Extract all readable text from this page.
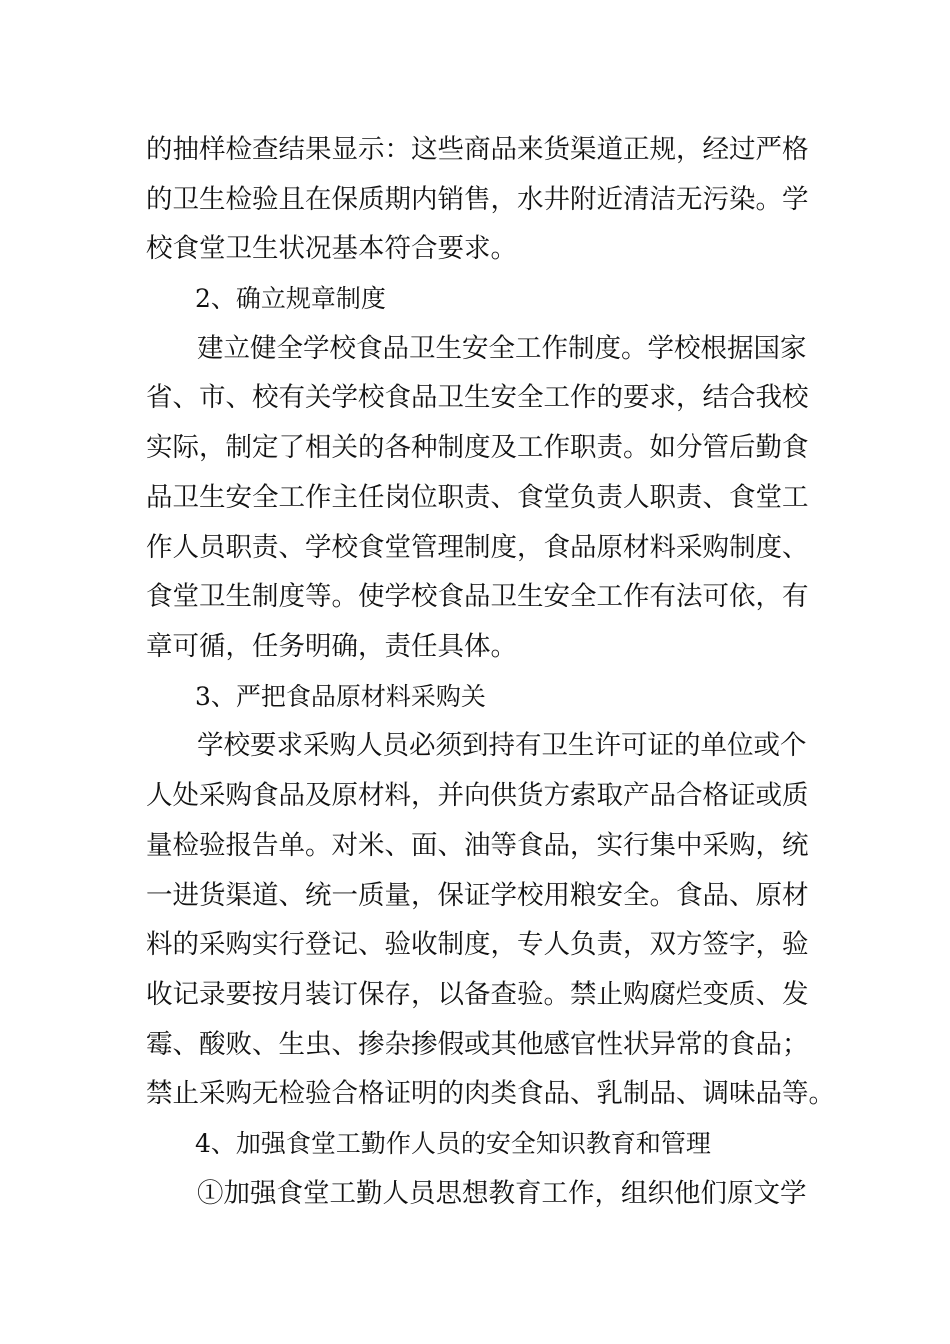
的抽样检查结果显示：这些商品来货渠道正规，经过严格
的卫生检验且在保质期内销售，水井附近清洁无污染。学
校食堂卫生状况基本符合要求。
2、确立规章制度
建立健全学校食品卫生安全工作制度。学校根据国家
省、市、校有关学校食品卫生安全工作的要求，结合我校
实际，制定了相关的各种制度及工作职责。如分管后勤食
品卫生安全工作主任岗位职责、食堂负责人职责、食堂工
作人员职责、学校食堂管理制度，食品原材料采购制度、
食堂卫生制度等。使学校食品卫生安全工作有法可依，有
章可循，任务明确，责任具体。
3、严把食品原材料采购关
学校要求采购人员必须到持有卫生许可证的单位或个
人处采购食品及原材料，并向供货方索取产品合格证或质
量检验报告单。对米、面、油等食品，实行集中采购，统
一进货渠道、统一质量，保证学校用粮安全。食品、原材
料的采购实行登记、验收制度，专人负责，双方签字，验
收记录要按月装订保存，以备查验。禁止购腐烂变质、发
霉、酸败、生虫、掺杂掺假或其他感官性状异常的食品；
禁止采购无检验合格证明的肉类食品、乳制品、调味品等。
4、加强食堂工勤作人员的安全知识教育和管理
①加强食堂工勤人员思想教育工作，组织他们原文学
